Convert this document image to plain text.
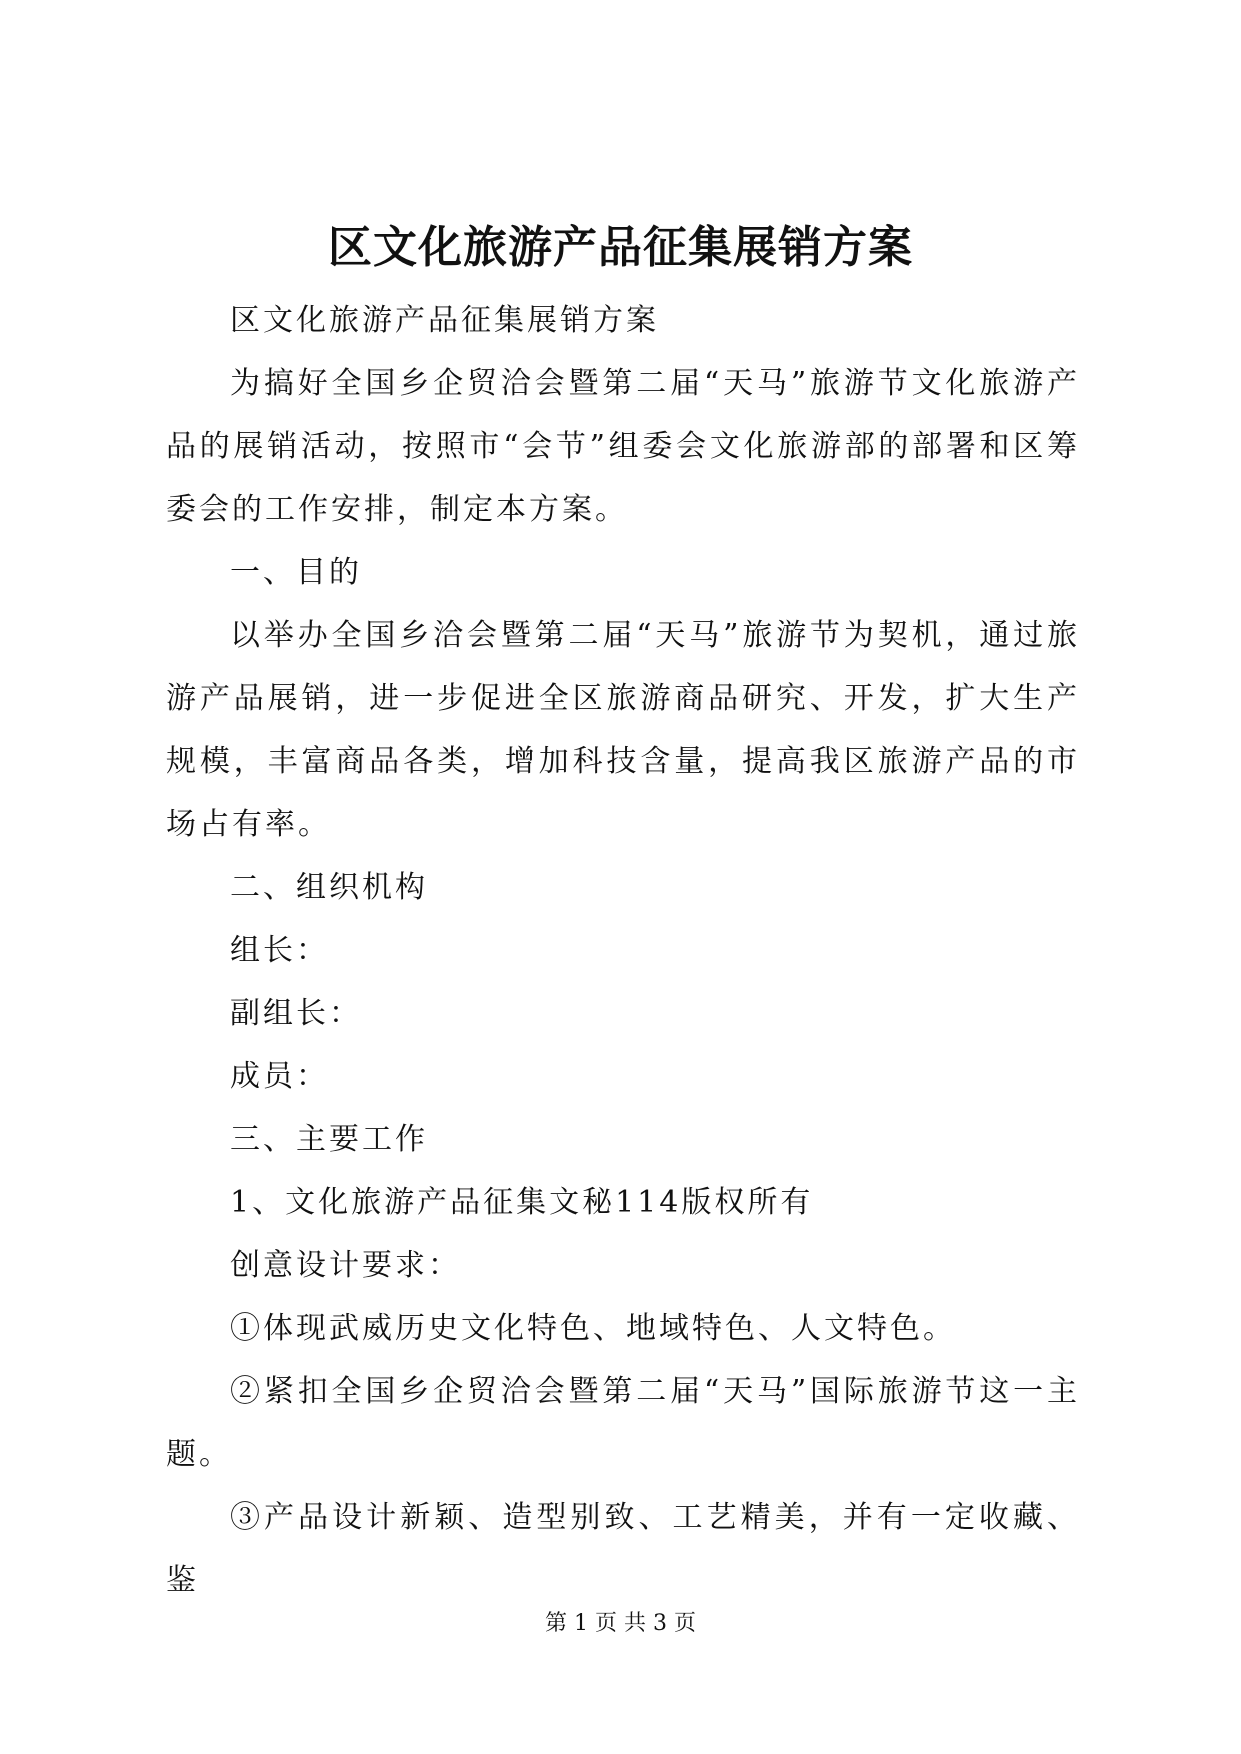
区文化旅游产品征集展销方案

区文化旅游产品征集展销方案

为搞好全国乡企贸洽会暨第二届“天马”旅游节文化旅游产品的展销活动，按照市“会节”组委会文化旅游部的部署和区筹委会的工作安排，制定本方案。

一、目的

以举办全国乡洽会暨第二届“天马”旅游节为契机，通过旅游产品展销，进一步促进全区旅游商品研究、开发，扩大生产规模，丰富商品各类，增加科技含量，提高我区旅游产品的市场占有率。

二、组织机构

组长：

副组长：

成员：

三、主要工作

1、文化旅游产品征集文秘114版权所有

创意设计要求：

①体现武威历史文化特色、地域特色、人文特色。

②紧扣全国乡企贸洽会暨第二届“天马”国际旅游节这一主题。

③产品设计新颖、造型别致、工艺精美，并有一定收藏、鉴

第 1 页 共 3 页
